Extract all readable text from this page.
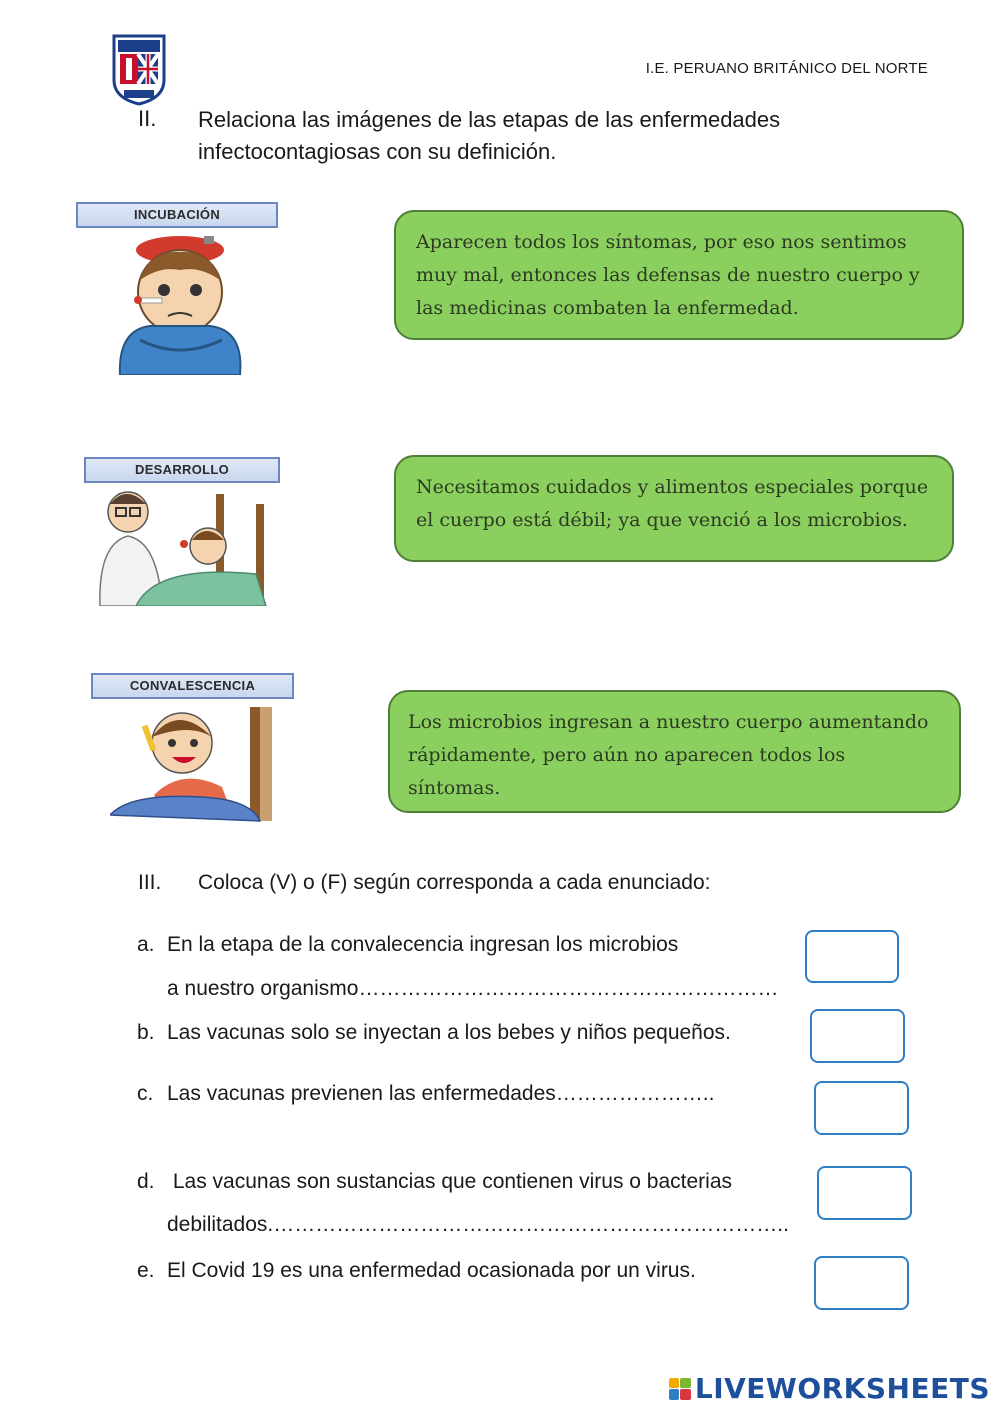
I.E. PERUANO BRITÁNICO DEL NORTE
II. Relaciona las imágenes de las etapas de las enfermedades
infectocontagiosas con su definición.
INCUBACIÓN
Aparecen todos los síntomas, por eso nos sentimos muy mal, entonces las defensas de nuestro cuerpo y las medicinas combaten la enfermedad.
DESARROLLO
Necesitamos cuidados y alimentos especiales porque el cuerpo está débil; ya que venció a los microbios.
CONVALESCENCIA
Los microbios ingresan a nuestro cuerpo aumentando rápidamente, pero aún no aparecen todos los síntomas.
III. Coloca (V) o (F) según corresponda a cada enunciado:
a. En la etapa de la convalecencia ingresan los microbios
a nuestro organismo……………………………………………………
b. Las vacunas solo se inyectan a los bebes y niños pequeños.
c. Las vacunas previenen las enfermedades…………………..
d. Las vacunas son sustancias que contienen virus o bacterias
debilitados.………………………………………………………………..
e. El Covid 19 es una enfermedad ocasionada por un virus.
LIVEWORKSHEETS
